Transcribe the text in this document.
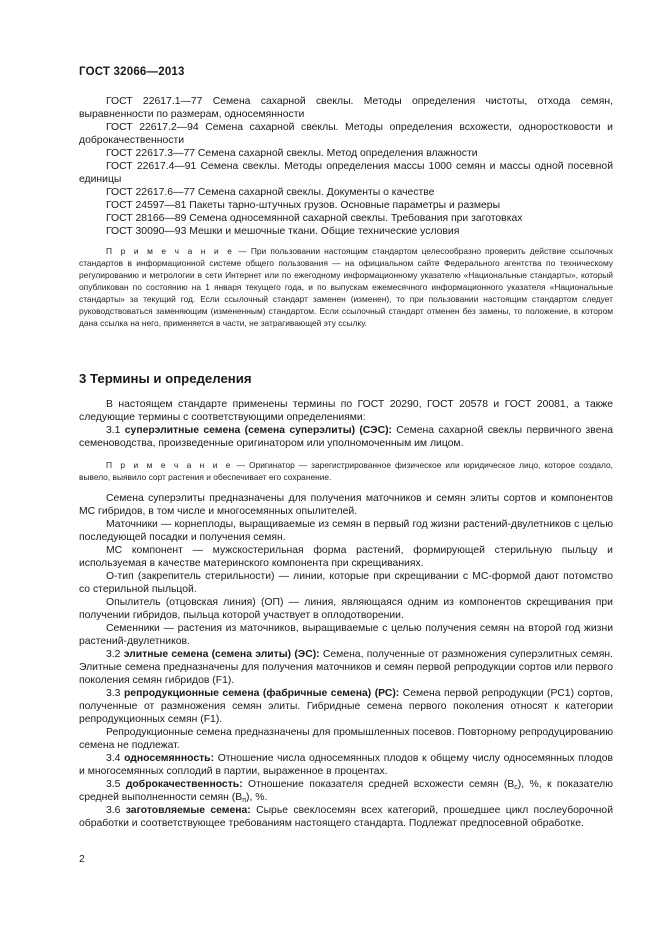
ГОСТ 32066—2013

ГОСТ 22617.1—77 Семена сахарной свеклы. Методы определения чистоты, отхода семян, выравненности по размерам, односемянности

ГОСТ 22617.2—94 Семена сахарной свеклы. Методы определения всхожести, одноростковости и доброкачественности

ГОСТ 22617.3—77 Семена сахарной свеклы. Метод определения влажности

ГОСТ 22617.4—91 Семена свеклы. Методы определения массы 1000 семян и массы одной посевной единицы

ГОСТ 22617.6—77 Семена сахарной свеклы. Документы о качестве

ГОСТ 24597—81 Пакеты тарно-штучных грузов. Основные параметры и размеры

ГОСТ 28166—89 Семена односемянной сахарной свеклы. Требования при заготовках

ГОСТ 30090—93 Мешки и мешочные ткани. Общие технические условия

П р и м е ч а н и е — При пользовании настоящим стандартом целесообразно проверить действие ссылочных стандартов в информационной системе общего пользования — на официальном сайте Федерального агентства по техническому регулированию и метрологии в сети Интернет или по ежегодному информационному указателю «Национальные стандарты», который опубликован по состоянию на 1 января текущего года, и по выпускам ежемесячного информационного указателя «Национальные стандарты» за текущий год. Если ссылочный стандарт заменен (изменен), то при пользовании настоящим стандартом следует руководствоваться заменяющим (измененным) стандартом. Если ссылочный стандарт отменен без замены, то положение, в котором дана ссылка на него, применяется в части, не затрагивающей эту ссылку.

3 Термины и определения

В настоящем стандарте применены термины по ГОСТ 20290, ГОСТ 20578 и ГОСТ 20081, а также следующие термины с соответствующими определениями:

3.1 суперэлитные семена (семена суперэлиты) (СЭС): Семена сахарной свеклы первичного звена семеноводства, произведенные оригинатором или уполномоченным им лицом.

П р и м е ч а н и е — Оригинатор — зарегистрированное физическое или юридическое лицо, которое создало, вывело, выявило сорт растения и обеспечивает его сохранение.

Семена суперэлиты предназначены для получения маточников и семян элиты сортов и компонентов МС гибридов, в том числе и многосемянных опылителей.

Маточники — корнеплоды, выращиваемые из семян в первый год жизни растений-двулетников с целью последующей посадки и получения семян.

МС компонент — мужскостерильная форма растений, формирующей стерильную пыльцу и используемая в качестве материнского компонента при скрещиваниях.

О-тип (закрепитель стерильности) — линии, которые при скрещивании с МС-формой дают потомство со стерильной пыльцой.

Опылитель (отцовская линия) (ОП) — линия, являющаяся одним из компонентов скрещивания при получении гибридов, пыльца которой участвует в оплодотворении.

Семенники — растения из маточников, выращиваемые с целью получения семян на второй год жизни растений-двулетников.

3.2 элитные семена (семена элиты) (ЭС): Семена, полученные от размножения суперэлитных семян. Элитные семена предназначены для получения маточников и семян первой репродукции сортов или первого поколения семян гибридов (F1).

3.3 репродукционные семена (фабричные семена) (РС): Семена первой репродукции (РС1) сортов, полученные от размножения семян элиты. Гибридные семена первого поколения относят к категории репродукционных семян (F1).

Репродукционные семена предназначены для промышленных посевов. Повторному репродуцированию семена не подлежат.

3.4 односемянность: Отношение числа односемянных плодов к общему числу односемянных плодов и многосемянных соплодий в партии, выраженное в процентах.

3.5 доброкачественность: Отношение показателя средней всхожести семян $(В_с)$, %, к показателю средней выполненности семян $(В_п)$, %.

3.6 заготовляемые семена: Сырье свеклосемян всех категорий, прошедшее цикл послеуборочной обработки и соответствующее требованиям настоящего стандарта. Подлежат предпосевной обработке.

2
